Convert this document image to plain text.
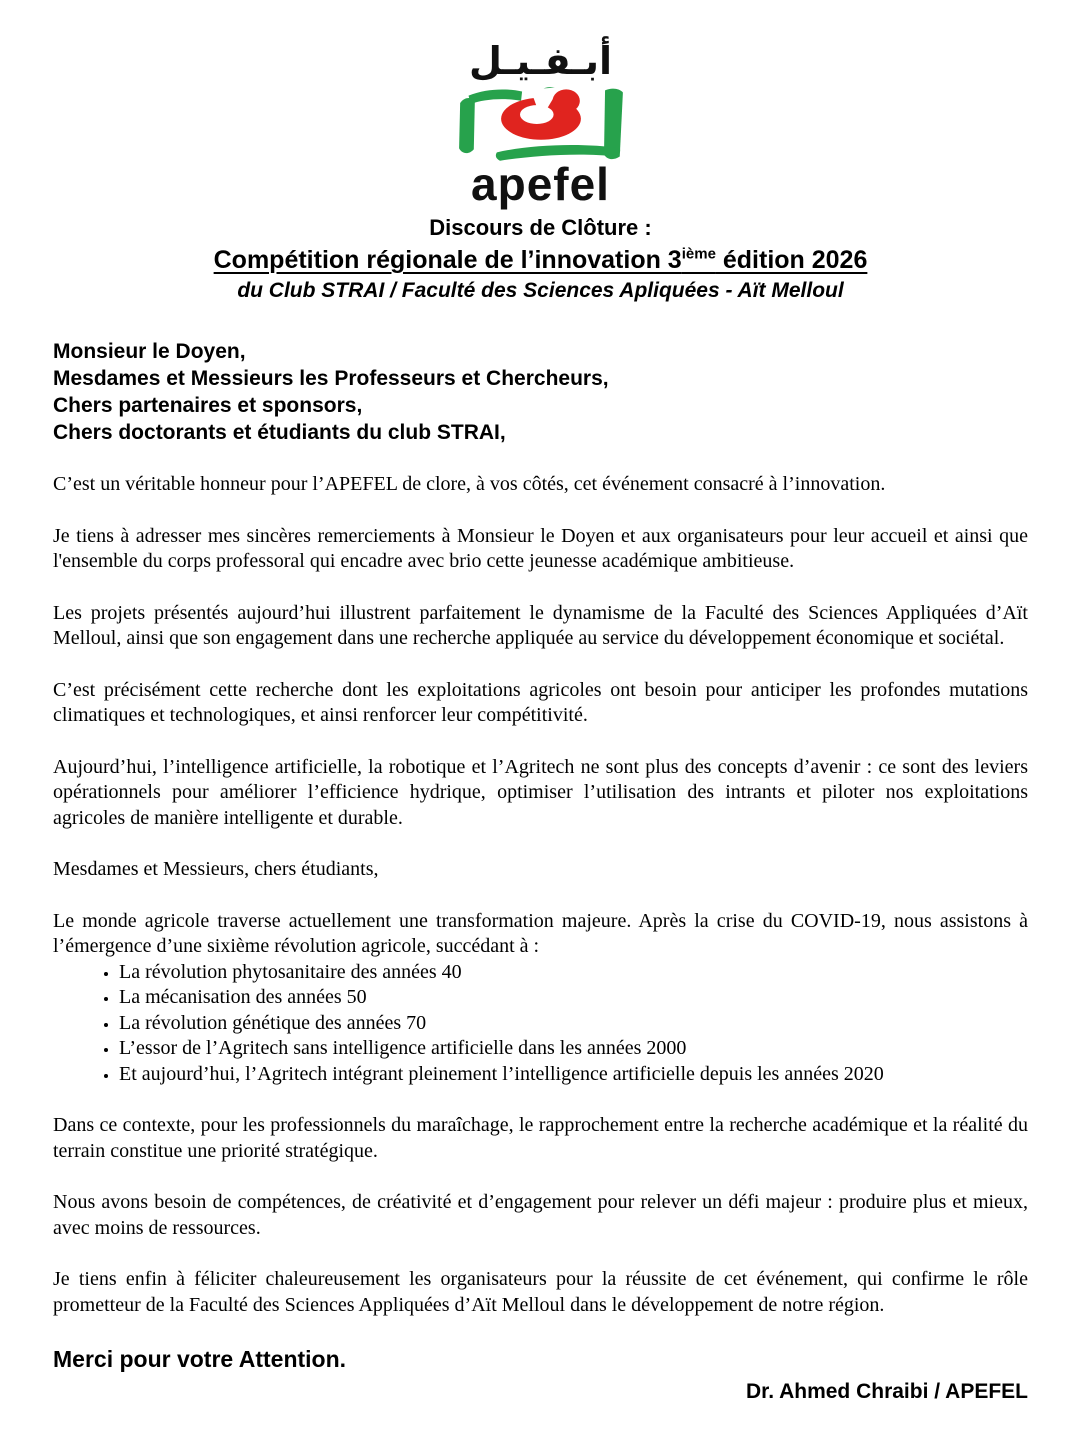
أبـفـيـل
apefel
Discours de Clôture :
Compétition régionale de l’innovation 3ième édition 2026
du Club STRAI / Faculté des Sciences Apliquées - Aït Melloul
Monsieur le Doyen,
Mesdames et Messieurs les Professeurs et Chercheurs,
Chers partenaires et sponsors,
Chers doctorants et étudiants du club STRAI,

C’est un véritable honneur pour l’APEFEL de clore, à vos côtés, cet événement consacré à l’innovation.

Je tiens à adresser mes sincères remerciements à Monsieur le Doyen et aux organisateurs pour leur accueil et ainsi que l'ensemble du corps professoral qui encadre avec brio cette jeunesse académique ambitieuse.

Les projets présentés aujourd’hui illustrent parfaitement le dynamisme de la Faculté des Sciences Appliquées d’Aït Melloul, ainsi que son engagement dans une recherche appliquée au service du développement économique et sociétal.

C’est précisément cette recherche dont les exploitations agricoles ont besoin pour anticiper les profondes mutations climatiques et technologiques, et ainsi renforcer leur compétitivité.

Aujourd’hui, l’intelligence artificielle, la robotique et l’Agritech ne sont plus des concepts d’avenir : ce sont des leviers opérationnels pour améliorer l’efficience hydrique, optimiser l’utilisation des intrants et piloter nos exploitations agricoles de manière intelligente et durable.

Mesdames et Messieurs, chers étudiants,

Le monde agricole traverse actuellement une transformation majeure. Après la crise du COVID-19, nous assistons à l’émergence d’une sixième révolution agricole, succédant à :

• La révolution phytosanitaire des années 40
• La mécanisation des années 50
• La révolution génétique des années 70
• L’essor de l’Agritech sans intelligence artificielle dans les années 2000
• Et aujourd’hui, l’Agritech intégrant pleinement l’intelligence artificielle depuis les années 2020

Dans ce contexte, pour les professionnels du maraîchage, le rapprochement entre la recherche académique et la réalité du terrain constitue une priorité stratégique.

Nous avons besoin de compétences, de créativité et d’engagement pour relever un défi majeur : produire plus et mieux, avec moins de ressources.

Je tiens enfin à féliciter chaleureusement les organisateurs pour la réussite de cet événement, qui confirme le rôle prometteur de la Faculté des Sciences Appliquées d’Aït Melloul dans le développement de notre région.

Merci pour votre Attention.
Dr. Ahmed Chraibi / APEFEL
